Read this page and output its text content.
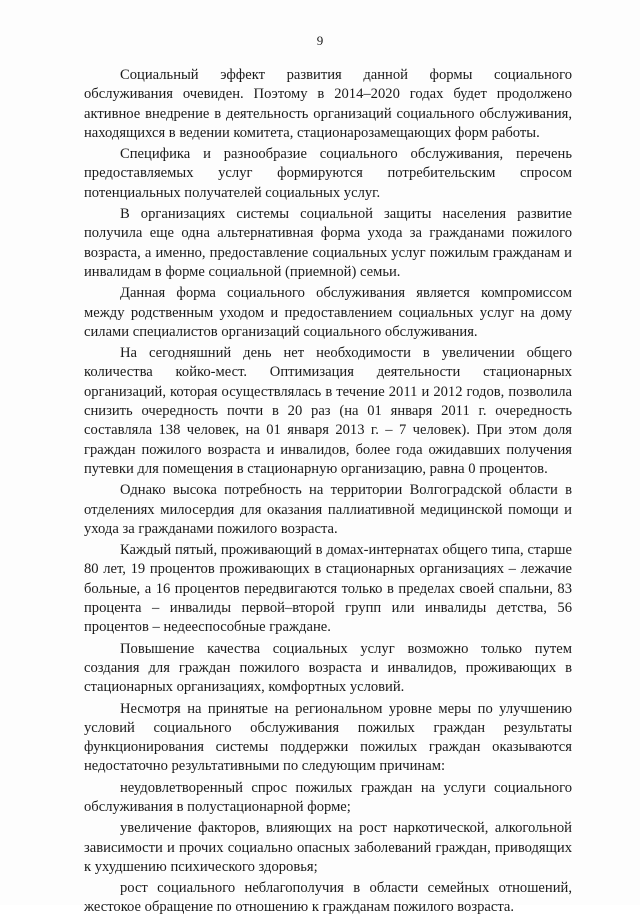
9

Социальный эффект развития данной формы социального обслуживания очевиден. Поэтому в 2014–2020 годах будет продолжено активное внедрение в деятельность организаций социального обслуживания, находящихся в ведении комитета, стационарозамещающих форм работы.

Специфика и разнообразие социального обслуживания, перечень предоставляемых услуг формируются потребительским спросом потенциальных получателей социальных услуг.

В организациях системы социальной защиты населения развитие получила еще одна альтернативная форма ухода за гражданами пожилого возраста, а именно, предоставление социальных услуг пожилым гражданам и инвалидам в форме социальной (приемной) семьи.

Данная форма социального обслуживания является компромиссом между родственным уходом и предоставлением социальных услуг на дому силами специалистов организаций социального обслуживания.

На сегодняшний день нет необходимости в увеличении общего количества койко-мест. Оптимизация деятельности стационарных организаций, которая осуществлялась в течение 2011 и 2012 годов, позволила снизить очередность почти в 20 раз (на 01 января 2011 г. очередность составляла 138 человек, на 01 января 2013 г. – 7 человек). При этом доля граждан пожилого возраста и инвалидов, более года ожидавших получения путевки для помещения в стационарную организацию, равна 0 процентов.

Однако высока потребность на территории Волгоградской области в отделениях милосердия для оказания паллиативной медицинской помощи и ухода за гражданами пожилого возраста.

Каждый пятый, проживающий в домах-интернатах общего типа, старше 80 лет, 19 процентов проживающих в стационарных организациях – лежачие больные, а 16 процентов передвигаются только в пределах своей спальни, 83 процента – инвалиды первой–второй групп или инвалиды детства, 56 процентов – недееспособные граждане.

Повышение качества социальных услуг возможно только путем создания для граждан пожилого возраста и инвалидов, проживающих в стационарных организациях, комфортных условий.

Несмотря на принятые на региональном уровне меры по улучшению условий социального обслуживания пожилых граждан результаты функционирования системы поддержки пожилых граждан оказываются недостаточно результативными по следующим причинам:

неудовлетворенный спрос пожилых граждан на услуги социального обслуживания в полустационарной форме;

увеличение факторов, влияющих на рост наркотической, алкогольной зависимости и прочих социально опасных заболеваний граждан, приводящих к ухудшению психического здоровья;

рост социального неблагополучия в области семейных отношений, жестокое обращение по отношению к гражданам пожилого возраста.
